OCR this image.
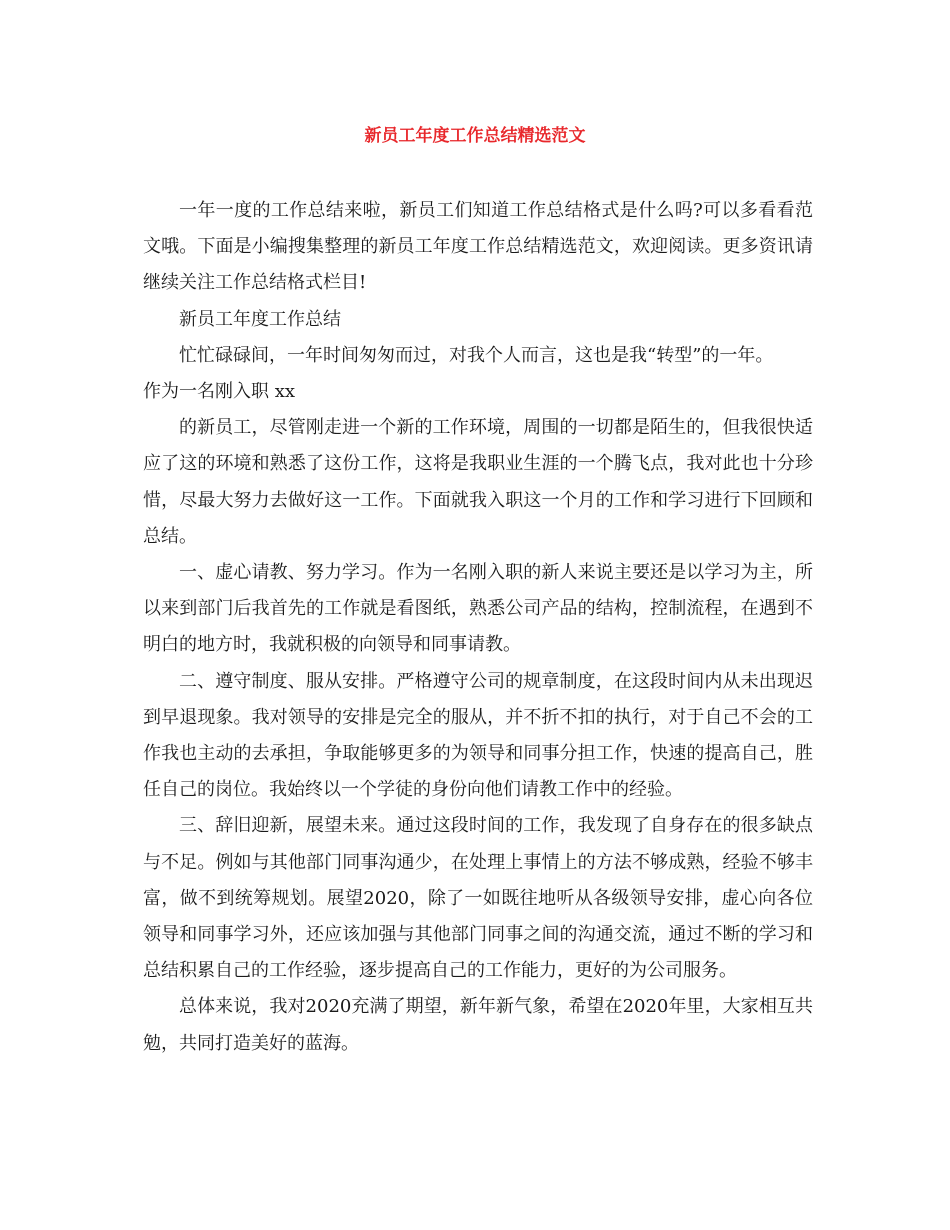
新员工年度工作总结精选范文

一年一度的工作总结来啦，新员工们知道工作总结格式是什么吗?可以多看看范文哦。下面是小编搜集整理的新员工年度工作总结精选范文，欢迎阅读。更多资讯请继续关注工作总结格式栏目!

新员工年度工作总结

忙忙碌碌间，一年时间匆匆而过，对我个人而言，这也是我“转型”的一年。

作为一名刚入职 xx

的新员工，尽管刚走进一个新的工作环境，周围的一切都是陌生的，但我很快适应了这的环境和熟悉了这份工作，这将是我职业生涯的一个腾飞点，我对此也十分珍惜，尽最大努力去做好这一工作。下面就我入职这一个月的工作和学习进行下回顾和总结。

一、虚心请教、努力学习。作为一名刚入职的新人来说主要还是以学习为主，所以来到部门后我首先的工作就是看图纸，熟悉公司产品的结构，控制流程，在遇到不明白的地方时，我就积极的向领导和同事请教。

二、遵守制度、服从安排。严格遵守公司的规章制度，在这段时间内从未出现迟到早退现象。我对领导的安排是完全的服从，并不折不扣的执行，对于自己不会的工作我也主动的去承担，争取能够更多的为领导和同事分担工作，快速的提高自己，胜任自己的岗位。我始终以一个学徒的身份向他们请教工作中的经验。

三、辞旧迎新，展望未来。通过这段时间的工作，我发现了自身存在的很多缺点与不足。例如与其他部门同事沟通少，在处理上事情上的方法不够成熟，经验不够丰富，做不到统筹规划。展望2020，除了一如既往地听从各级领导安排，虚心向各位领导和同事学习外，还应该加强与其他部门同事之间的沟通交流，通过不断的学习和总结积累自己的工作经验，逐步提高自己的工作能力，更好的为公司服务。

总体来说，我对2020充满了期望，新年新气象，希望在2020年里，大家相互共勉，共同打造美好的蓝海。
